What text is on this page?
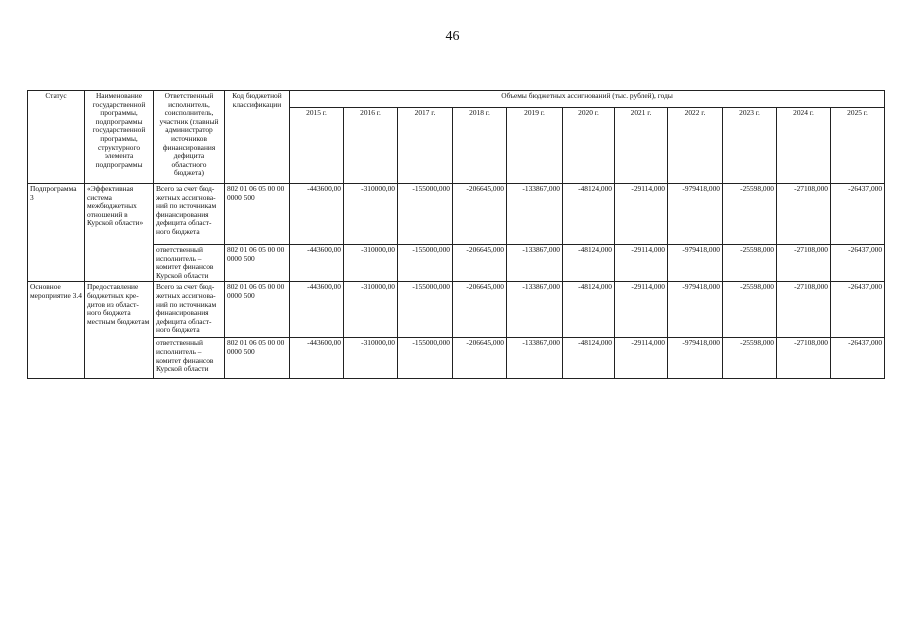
46
Статус	Наименование государственной программы, подпрограммы государственной программы, структурного элемента подпрограммы	Ответственный исполнитель, соисполнитель, участник (главный администратор источников финансирования дефицита областного бюджета)	Код бюджетной классификации	Объемы бюджетных ассигнований (тыс. рублей), годы										
				2015 г.	2016 г.	2017 г.	2018 г.	2019 г.	2020 г.	2021 г.	2022 г.	2023 г.	2024 г.	2025 г.
Подпрограмма 3	«Эффективная система межбюджетных отношений в Курской области»	Всего за счет бюд-жетных ассигнова-ний по источникам финансирования дефицита област-ного бюджета	802 01 06 05 00 00 0000 500	-443600,00	-310000,00	-155000,000	-206645,000	-133867,000	-48124,000	-29114,000	-979418,000	-25598,000	-27108,000	-26437,000
		ответственный исполнитель – комитет финансов Курской области	802 01 06 05 00 00 0000 500	-443600,00	-310000,00	-155000,000	-206645,000	-133867,000	-48124,000	-29114,000	-979418,000	-25598,000	-27108,000	-26437,000
Основное мероприятие 3.4	Предоставление бюджетных кре-дитов из област-ного бюджета местным бюджетам	Всего за счет бюд-жетных ассигнова-ний по источникам финансирования дефицита област-ного бюджета	802 01 06 05 00 00 0000 500	-443600,00	-310000,00	-155000,000	-206645,000	-133867,000	-48124,000	-29114,000	-979418,000	-25598,000	-27108,000	-26437,000
		ответственный исполнитель – комитет финансов Курской области	802 01 06 05 00 00 0000 500	-443600,00	-310000,00	-155000,000	-206645,000	-133867,000	-48124,000	-29114,000	-979418,000	-25598,000	-27108,000	-26437,000
